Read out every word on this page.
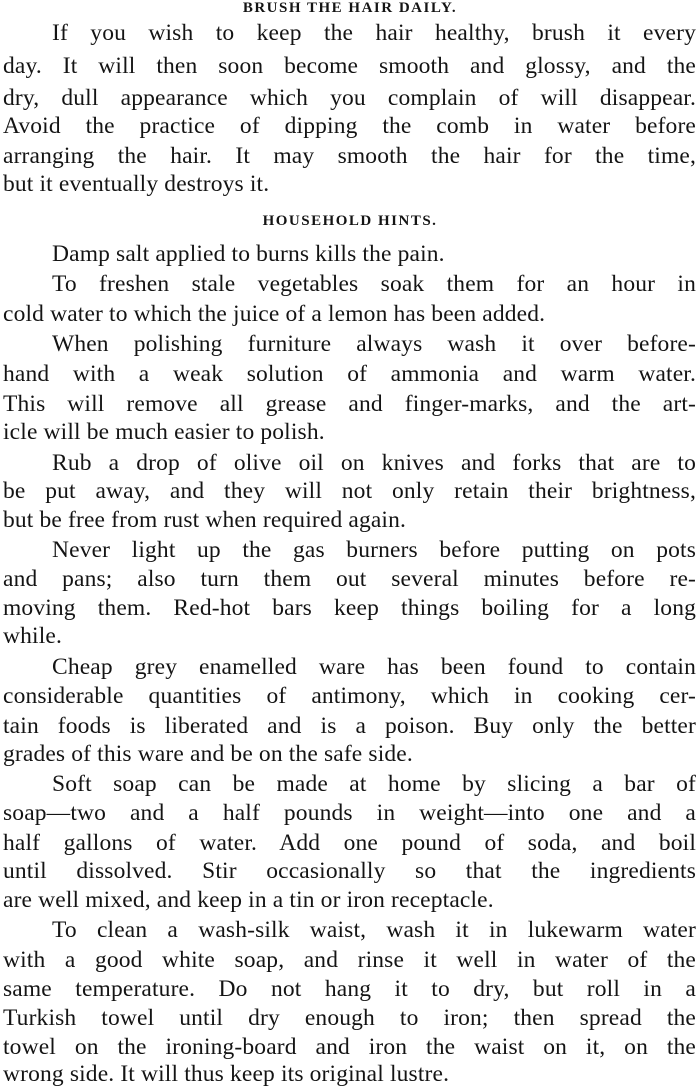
BRUSH THE HAIR DAILY.
If you wish to keep the hair healthy, brush it every
day. It will then soon become smooth and glossy, and the
dry, dull appearance which you complain of will disappear.
Avoid the practice of dipping the comb in water before
arranging the hair. It may smooth the hair for the time,
but it eventually destroys it.
HOUSEHOLD HINTS.
Damp salt applied to burns kills the pain.
To freshen stale vegetables soak them for an hour in
cold water to which the juice of a lemon has been added.
When polishing furniture always wash it over before-
hand with a weak solution of ammonia and warm water.
This will remove all grease and finger-marks, and the art-
icle will be much easier to polish.
Rub a drop of olive oil on knives and forks that are to
be put away, and they will not only retain their brightness,
but be free from rust when required again.
Never light up the gas burners before putting on pots
and pans; also turn them out several minutes before re-
moving them. Red-hot bars keep things boiling for a long
while.
Cheap grey enamelled ware has been found to contain
considerable quantities of antimony, which in cooking cer-
tain foods is liberated and is a poison. Buy only the better
grades of this ware and be on the safe side.
Soft soap can be made at home by slicing a bar of
soap—two and a half pounds in weight—into one and a
half gallons of water. Add one pound of soda, and boil
until dissolved. Stir occasionally so that the ingredients
are well mixed, and keep in a tin or iron receptacle.
To clean a wash-silk waist, wash it in lukewarm water
with a good white soap, and rinse it well in water of the
same temperature. Do not hang it to dry, but roll in a
Turkish towel until dry enough to iron; then spread the
towel on the ironing-board and iron the waist on it, on the
wrong side. It will thus keep its original lustre.
